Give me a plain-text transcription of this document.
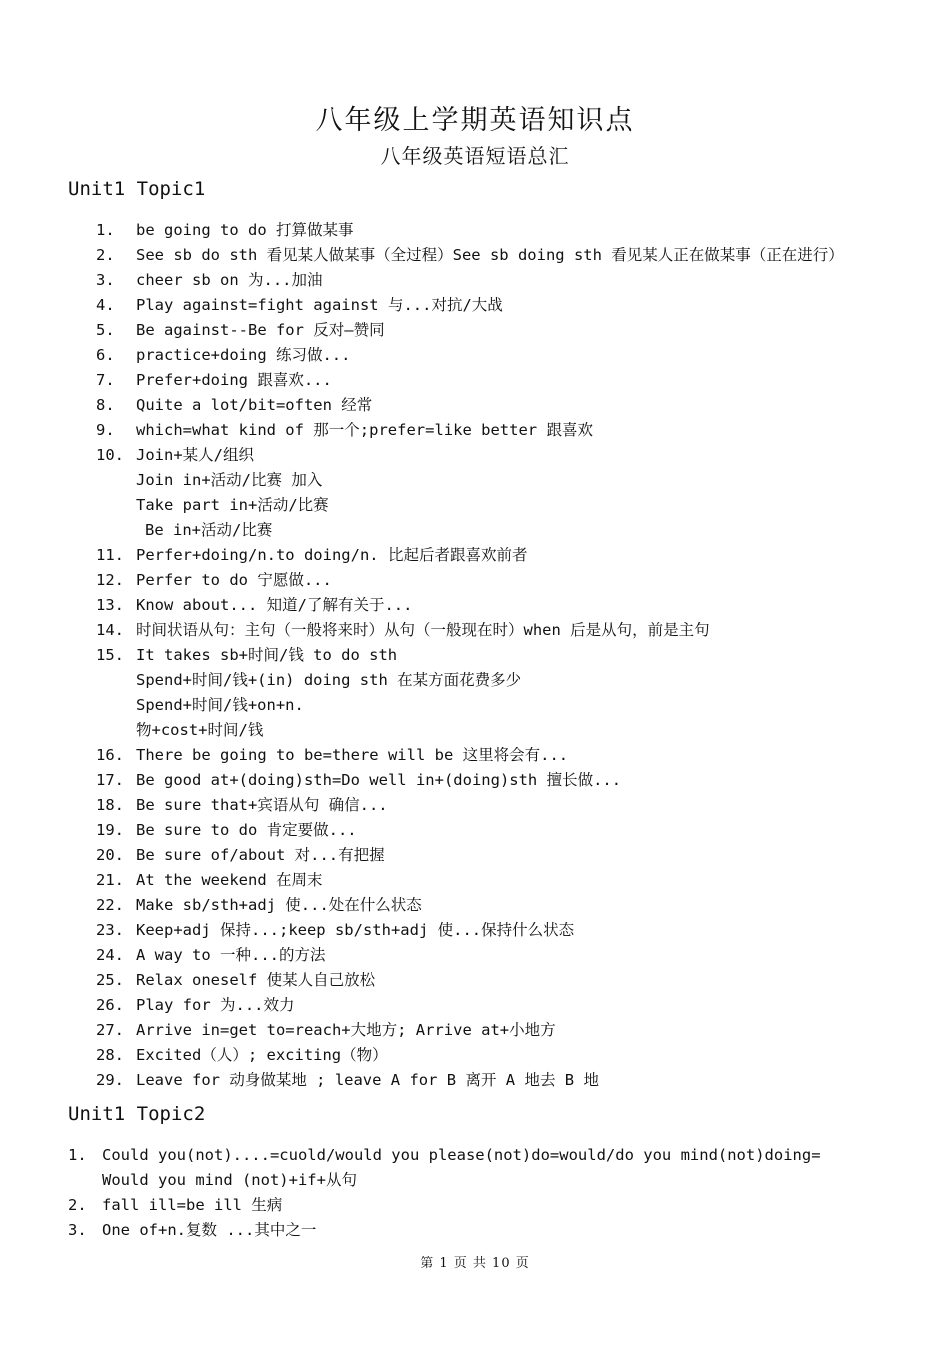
八年级上学期英语知识点
八年级英语短语总汇
Unit1 Topic1
1. be going to do 打算做某事
2. See sb do sth 看见某人做某事（全过程）See sb doing sth 看见某人正在做某事（正在进行）
3. cheer sb on 为...加油
4. Play against=fight against 与...对抗/大战
5. Be against--Be for 反对—赞同
6. practice+doing 练习做...
7. Prefer+doing 跟喜欢...
8. Quite a lot/bit=often 经常
9. which=what kind of 那一个;prefer=like better 跟喜欢
10. Join+某人/组织
Join in+活动/比赛 加入
Take part in+活动/比赛
Be in+活动/比赛
11. Perfer+doing/n.to doing/n. 比起后者跟喜欢前者
12. Perfer to do 宁愿做...
13. Know about... 知道/了解有关于...
14. 时间状语从句：主句（一般将来时）从句（一般现在时）when 后是从句，前是主句
15. It takes sb+时间/钱 to do sth
Spend+时间/钱+(in) doing sth 在某方面花费多少
Spend+时间/钱+on+n.
物+cost+时间/钱
16. There be going to be=there will be 这里将会有...
17. Be good at+(doing)sth=Do well in+(doing)sth 擅长做...
18. Be sure that+宾语从句 确信...
19. Be sure to do 肯定要做...
20. Be sure of/about 对...有把握
21. At the weekend 在周末
22. Make sb/sth+adj 使...处在什么状态
23. Keep+adj 保持...;keep sb/sth+adj 使...保持什么状态
24. A way to 一种...的方法
25. Relax oneself 使某人自己放松
26. Play for 为...效力
27. Arrive in=get to=reach+大地方; Arrive at+小地方
28. Excited（人）; exciting（物）
29. Leave for 动身做某地 ; leave A for B 离开 A 地去 B 地
Unit1 Topic2
1. Could you(not)....=cuold/would you please(not)do=would/do you mind(not)doing=
Would you mind (not)+if+从句
2. fall ill=be ill 生病
3. One of+n.复数 ...其中之一
第 1 页 共 10 页
